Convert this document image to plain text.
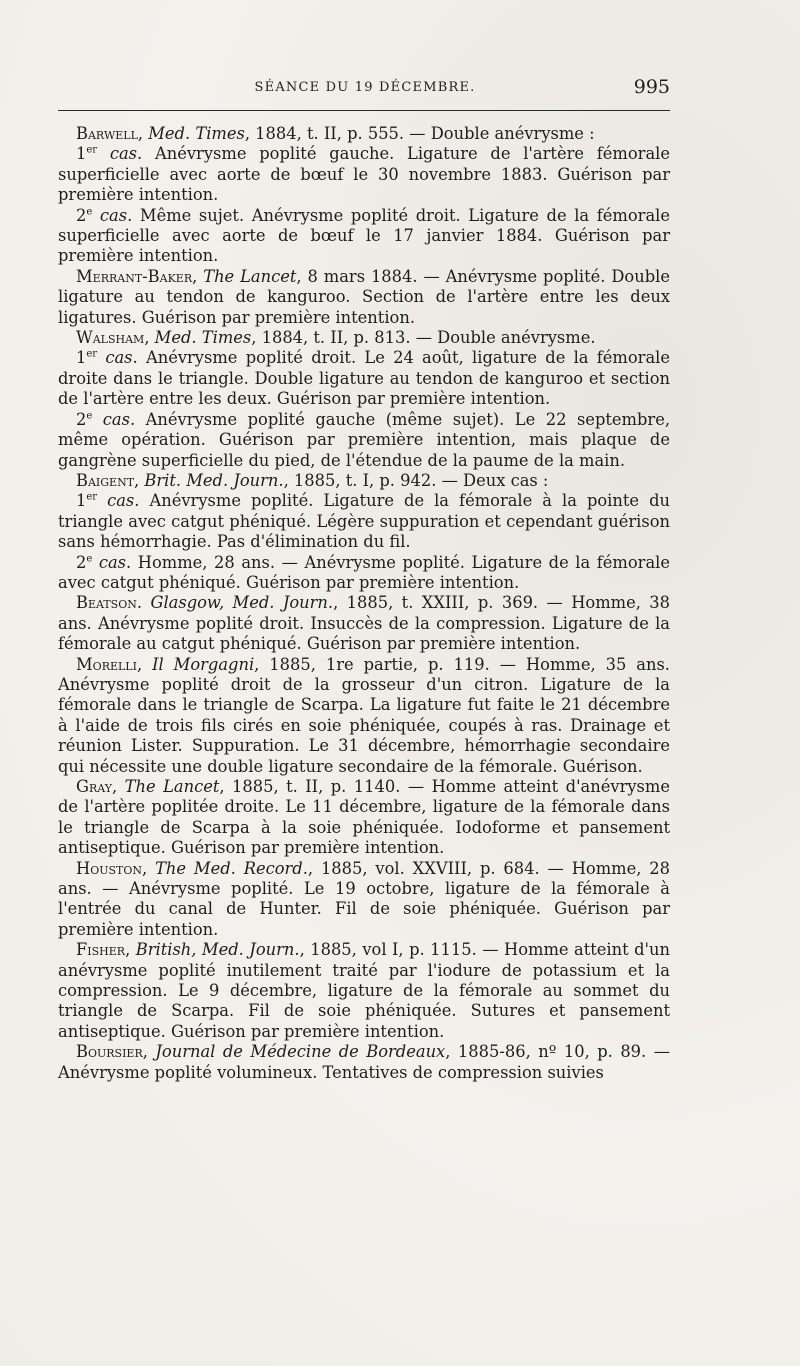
SÉANCE DU 19 DÉCEMBRE.	995

Barwell, Med. Times, 1884, t. II, p. 555. — Double anévrysme :

1er cas. Anévrysme poplité gauche. Ligature de l'artère fémorale superficielle avec aorte de bœuf le 30 novembre 1883. Guérison par première intention.

2e cas. Même sujet. Anévrysme poplité droit. Ligature de la fémorale superficielle avec aorte de bœuf le 17 janvier 1884. Guérison par première intention.

Merrant-Baker, The Lancet, 8 mars 1884. — Anévrysme poplité. Double ligature au tendon de kanguroo. Section de l'artère entre les deux ligatures. Guérison par première intention.

Walsham, Med. Times, 1884, t. II, p. 813. — Double anévrysme.

1er cas. Anévrysme poplité droit. Le 24 août, ligature de la fémorale droite dans le triangle. Double ligature au tendon de kanguroo et section de l'artère entre les deux. Guérison par première intention.

2e cas. Anévrysme poplité gauche (même sujet). Le 22 septembre, même opération. Guérison par première intention, mais plaque de gangrène superficielle du pied, de l'étendue de la paume de la main.

Baigent, Brit. Med. Journ., 1885, t. I, p. 942. — Deux cas :

1er cas. Anévrysme poplité. Ligature de la fémorale à la pointe du triangle avec catgut phéniqué. Légère suppuration et cependant guérison sans hémorrhagie. Pas d'élimination du fil.

2e cas. Homme, 28 ans. — Anévrysme poplité. Ligature de la fémorale avec catgut phéniqué. Guérison par première intention.

Beatson. Glasgow, Med. Journ., 1885, t. XXIII, p. 369. — Homme, 38 ans. Anévrysme poplité droit. Insuccès de la compression. Ligature de la fémorale au catgut phéniqué. Guérison par première intention.

Morelli, Il Morgagni, 1885, 1re partie, p. 119. — Homme, 35 ans. Anévrysme poplité droit de la grosseur d'un citron. Ligature de la fémorale dans le triangle de Scarpa. La ligature fut faite le 21 décembre à l'aide de trois fils cirés en soie phéniquée, coupés à ras. Drainage et réunion Lister. Suppuration. Le 31 décembre, hémorrhagie secondaire qui nécessite une double ligature secondaire de la fémorale. Guérison.

Gray, The Lancet, 1885, t. II, p. 1140. — Homme atteint d'anévrysme de l'artère poplitée droite. Le 11 décembre, ligature de la fémorale dans le triangle de Scarpa à la soie phéniquée. Iodoforme et pansement antiseptique. Guérison par première intention.

Houston, The Med. Record., 1885, vol. XXVIII, p. 684. — Homme, 28 ans. — Anévrysme poplité. Le 19 octobre, ligature de la fémorale à l'entrée du canal de Hunter. Fil de soie phéniquée. Guérison par première intention.

Fisher, British, Med. Journ., 1885, vol I, p. 1115. — Homme atteint d'un anévrysme poplité inutilement traité par l'iodure de potassium et la compression. Le 9 décembre, ligature de la fémorale au sommet du triangle de Scarpa. Fil de soie phéniquée. Sutures et pansement antiseptique. Guérison par première intention.

Boursier, Journal de Médecine de Bordeaux, 1885-86, nº 10, p. 89. — Anévrysme poplité volumineux. Tentatives de compression suivies
